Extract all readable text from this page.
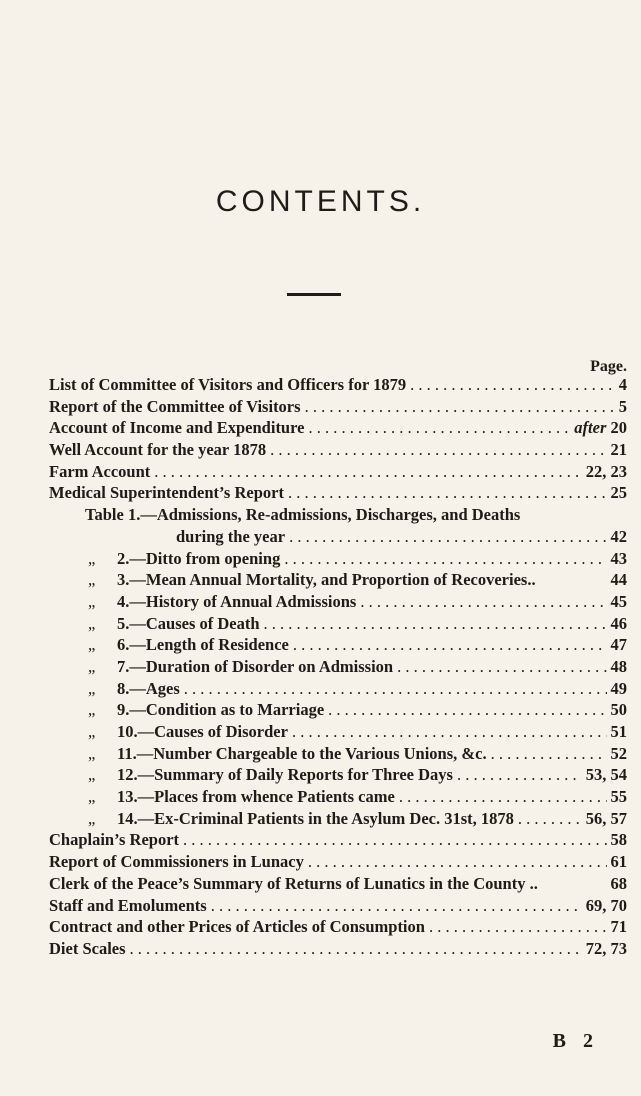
CONTENTS.
Page.
List of Committee of Visitors and Officers for 1879 . . .	4
Report of the Committee of Visitors . . .	5
Account of Income and Expenditure . . .	after 20
Well Account for the year 1878 . . .	21
Farm Account . . .	22, 23
Medical Superintendent’s Report . . .	25
Table 1.—Admissions, Re-admissions, Discharges, and Deaths
during the year . . .	42
„ 2.—Ditto from opening . . .	43
„ 3.—Mean Annual Mortality, and Proportion of Recoveries..	44
„ 4.—History of Annual Admissions . . .	45
„ 5.—Causes of Death . . .	46
„ 6.—Length of Residence . . .	47
„ 7.—Duration of Disorder on Admission . . .	48
„ 8.—Ages . . .	49
„ 9.—Condition as to Marriage . . .	50
„ 10.—Causes of Disorder . . .	51
„ 11.—Number Chargeable to the Various Unions, &c. . . .	52
„ 12.—Summary of Daily Reports for Three Days . . .	53, 54
„ 13.—Places from whence Patients came . . .	55
„ 14.—Ex-Criminal Patients in the Asylum Dec. 31st, 1878 . . .	56, 57
Chaplain’s Report . . .	58
Report of Commissioners in Lunacy . . .	61
Clerk of the Peace’s Summary of Returns of Lunatics in the County ..	68
Staff and Emoluments . . .	69, 70
Contract and other Prices of Articles of Consumption . . .	71
Diet Scales . . .	72, 73
B 2
